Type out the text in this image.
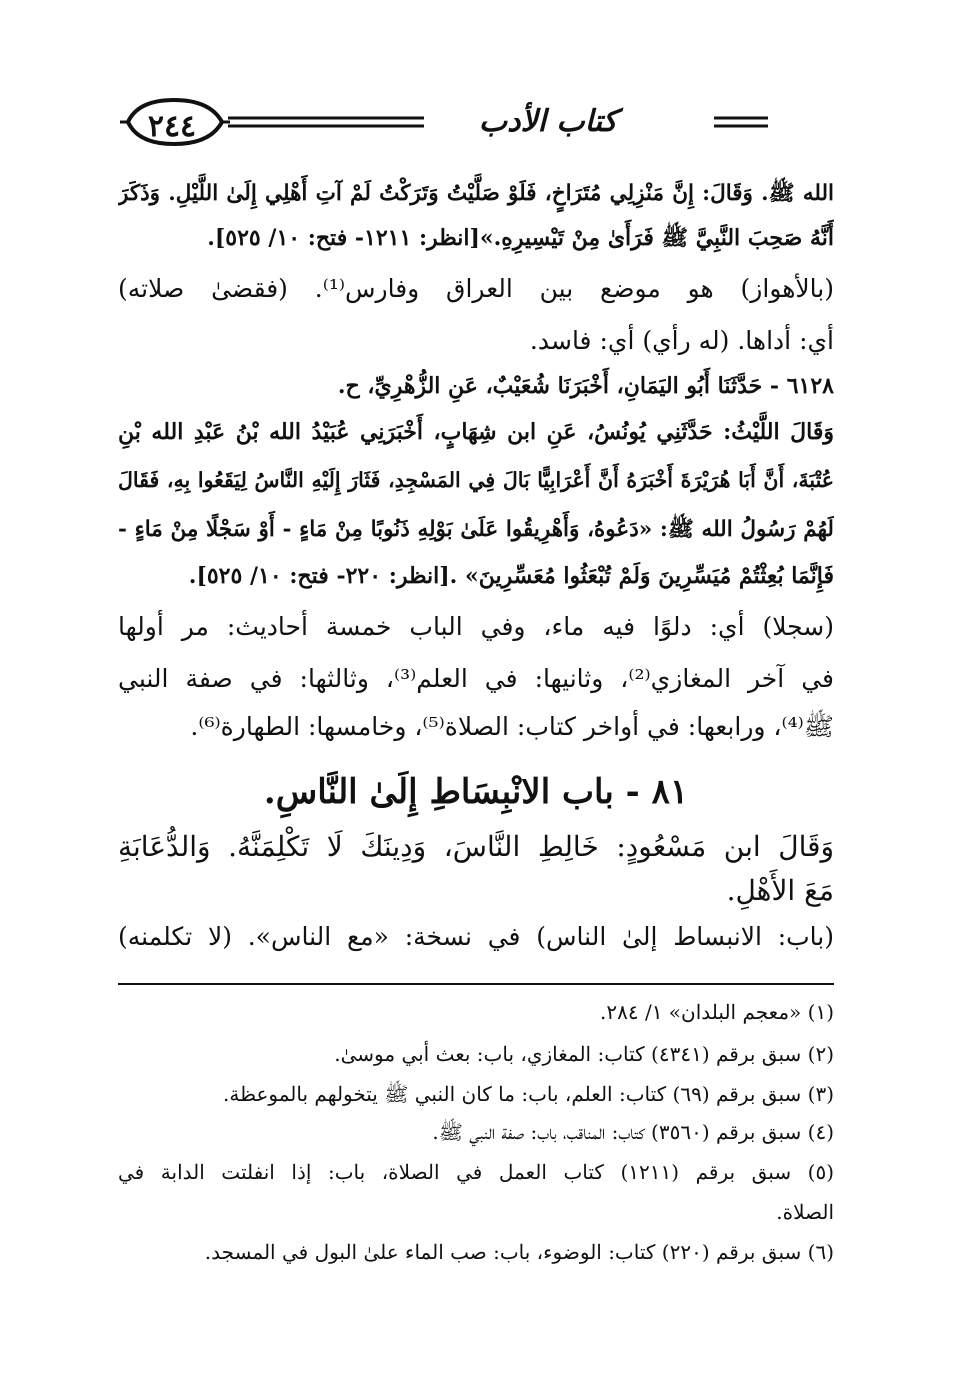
٢٤٤	كتاب الأدب
الله ﷺ. وَقَالَ: إِنَّ مَنْزِلِي مُتَرَاخٍ، فَلَوْ صَلَّيْتُ وَتَرَكْتُ لَمْ آتِ أَهْلِي إِلَىٰ اللَّيْلِ. وَذَكَرَ
أَنَّهُ صَحِبَ النَّبِيَّ ﷺ فَرَأَىٰ مِنْ تَيْسِيرِهِ.»[انظر: ١٢١١- فتح: ١٠/ ٥٢٥].
(بالأهواز) هو موضع بين العراق وفارس⁽¹⁾. (فقضىٰ صلاته)
أي: أداها. (له رأي) أي: فاسد.
٦١٢٨ - حَدَّثَنَا أَبُو اليَمَانِ، أَخْبَرَنَا شُعَيْبٌ، عَنِ الزُّهْرِيِّ، ح.
وَقَالَ اللَّيْثُ: حَدَّثَنِي يُونُسُ، عَنِ ابن شِهَابٍ، أَخْبَرَنِي عُبَيْدُ الله بْنُ عَبْدِ الله بْنِ
عُتْبَةَ، أَنَّ أَبَا هُرَيْرَةَ أَخْبَرَهُ أَنَّ أَعْرَابِيًّا بَالَ فِي المَسْجِدِ، فَثَارَ إِلَيْهِ النَّاسُ لِيَقَعُوا بِهِ، فَقَالَ
لَهُمْ رَسُولُ الله ﷺ: «دَعُوهُ، وَأَهْرِيقُوا عَلَىٰ بَوْلِهِ ذَنُوبًا مِنْ مَاءٍ - أَوْ سَجْلًا مِنْ مَاءٍ -
فَإِنَّمَا بُعِثْتُمْ مُيَسِّرِينَ وَلَمْ تُبْعَثُوا مُعَسِّرِينَ» .[انظر: ٢٢٠- فتح: ١٠/ ٥٢٥].
(سجلا) أي: دلوًا فيه ماء، وفي الباب خمسة أحاديث: مر أولها
في آخر المغازي⁽²⁾، وثانيها: في العلم⁽³⁾، وثالثها: في صفة النبي
ﷺ⁽⁴⁾، ورابعها: في أواخر كتاب: الصلاة⁽⁵⁾، وخامسها: الطهارة⁽⁶⁾.
٨١ - باب الانْبِسَاطِ إِلَىٰ النَّاسِ.
وَقَالَ ابن مَسْعُودٍ: خَالِطِ النَّاسَ، وَدِينَكَ لَا تَكْلِمَنَّهُ. وَالدُّعَابَةِ
مَعَ الأَهْلِ.
(باب: الانبساط إلىٰ الناس) في نسخة: «مع الناس». (لا تكلمنه)
(١) «معجم البلدان» ١/ ٢٨٤.
(٢) سبق برقم (٤٣٤١) كتاب: المغازي، باب: بعث أبي موسىٰ.
(٣) سبق برقم (٦٩) كتاب: العلم، باب: ما كان النبي ﷺ يتخولهم بالموعظة.
(٤) سبق برقم (٣٥٦٠) كتاب: المناقب، باب: صفة النبي ﷺ.
(٥) سبق برقم (١٢١١) كتاب العمل في الصلاة، باب: إذا انفلتت الدابة في
الصلاة.
(٦) سبق برقم (٢٢٠) كتاب: الوضوء، باب: صب الماء علىٰ البول في المسجد.
